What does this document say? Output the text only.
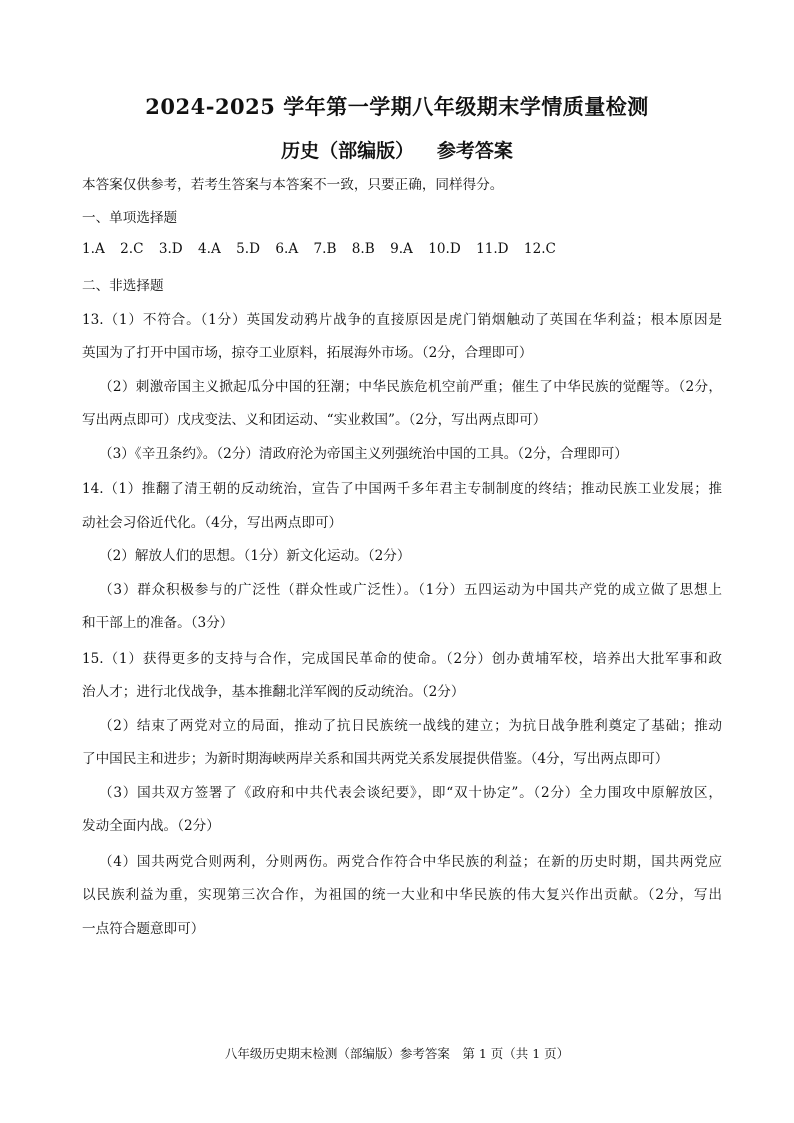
2024-2025 学年第一学期八年级期末学情质量检测
历史（部编版） 参考答案
本答案仅供参考，若考生答案与本答案不一致，只要正确，同样得分。
一、单项选择题
1.A 2.C 3.D 4.A 5.D 6.A 7.B 8.B 9.A 10.D 11.D 12.C
二、非选择题
13.（1）不符合。（1分）英国发动鸦片战争的直接原因是虎门销烟触动了英国在华利益；根本原因是
英国为了打开中国市场，掠夺工业原料，拓展海外市场。（2分，合理即可）
（2）刺激帝国主义掀起瓜分中国的狂潮；中华民族危机空前严重；催生了中华民族的觉醒等。（2分，
写出两点即可）戊戌变法、义和团运动、“实业救国”。（2分，写出两点即可）
（3）《辛丑条约》。（2分）清政府沦为帝国主义列强统治中国的工具。（2分，合理即可）
14.（1）推翻了清王朝的反动统治，宣告了中国两千多年君主专制制度的终结；推动民族工业发展；推
动社会习俗近代化。（4分，写出两点即可）
（2）解放人们的思想。（1分）新文化运动。（2分）
（3）群众积极参与的广泛性（群众性或广泛性）。（1分）五四运动为中国共产党的成立做了思想上
和干部上的准备。（3分）
15.（1）获得更多的支持与合作，完成国民革命的使命。（2分）创办黄埔军校，培养出大批军事和政
治人才；进行北伐战争，基本推翻北洋军阀的反动统治。（2分）
（2）结束了两党对立的局面，推动了抗日民族统一战线的建立；为抗日战争胜利奠定了基础；推动
了中国民主和进步；为新时期海峡两岸关系和国共两党关系发展提供借鉴。（4分，写出两点即可）
（3）国共双方签署了《政府和中共代表会谈纪要》，即“双十协定”。（2分）全力围攻中原解放区，
发动全面内战。（2分）
（4）国共两党合则两利，分则两伤。两党合作符合中华民族的利益；在新的历史时期，国共两党应
以民族利益为重，实现第三次合作，为祖国的统一大业和中华民族的伟大复兴作出贡献。（2分，写出
一点符合题意即可）
八年级历史期末检测（部编版）参考答案　第 1 页（共 1 页）
